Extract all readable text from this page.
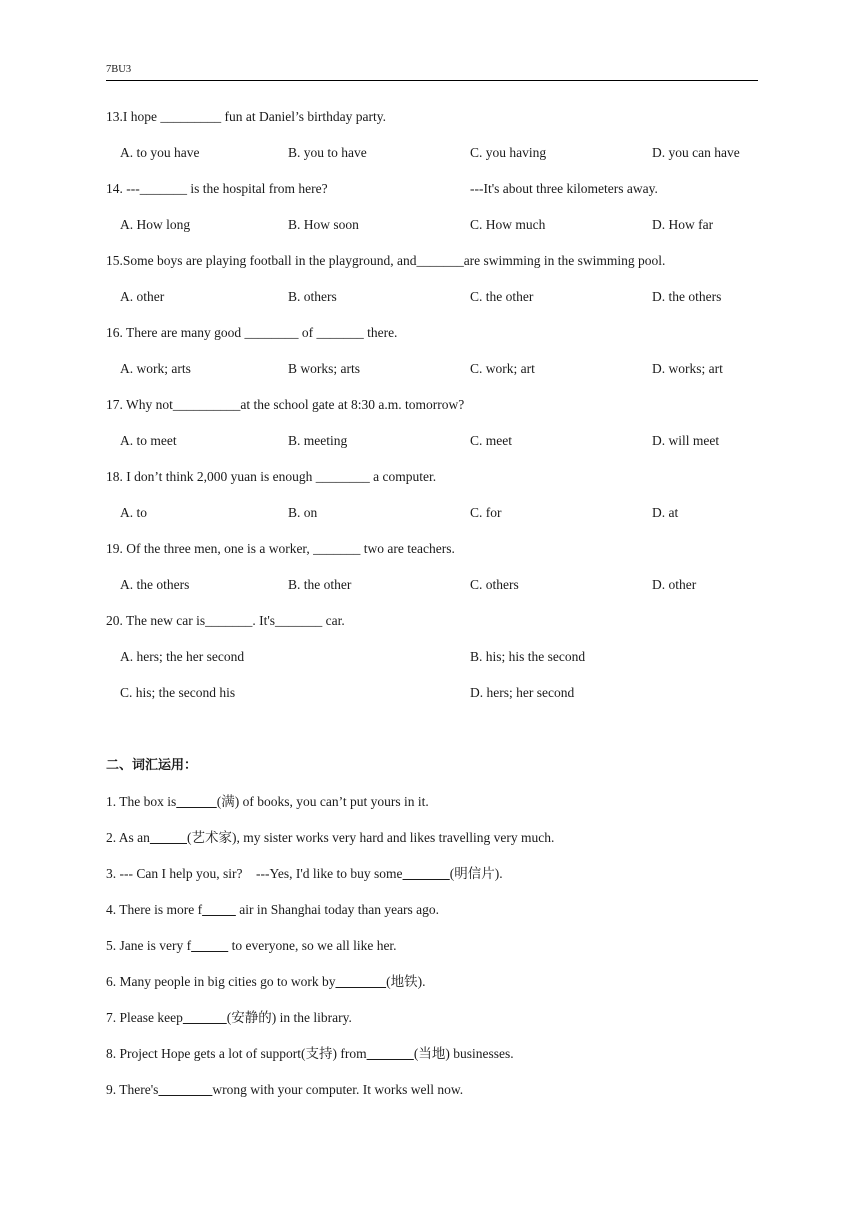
7BU3
13.I hope _________ fun at Daniel’s birthday party.
A. to you have	B. you to have	C. you having	D. you can have
14. ---_______ is the hospital from here?	---It's about three kilometers away.
A. How long	B. How soon	C. How much	D. How far
15.Some boys are playing football in the playground, and_______are swimming in the swimming pool.
A. other	B. others	C. the other	D. the others
16. There are many good ________ of _______ there.
A. work; arts	B works; arts	C. work; art	D. works; art
17. Why not__________at the school gate at 8:30 a.m. tomorrow?
A. to meet	B. meeting	C. meet	D. will meet
18. I don’t think 2,000 yuan is enough ________ a computer.
A. to	B. on	C. for	D. at
19. Of the three men, one is a worker, _______ two are teachers.
A. the others	B. the other	C. others	D. other
20. The new car is_______. It's_______ car.
A. hers; the her second	B. his; his the second
C. his; the second his	D. hers; her second
二、词汇运用：
1. The box is	(满) of books, you can’t put yours in it.
2. As an	(艺术家), my sister works very hard and likes travelling very much.
3. --- Can I help you, sir?    ---Yes, I'd like to buy some	(明信片).
4. There is more f	air in Shanghai today than years ago.
5. Jane is very f	to everyone, so we all like her.
6. Many people in big cities go to work by	(地铁).
7. Please keep	(安静的) in the library.
8. Project Hope gets a lot of support(支持) from	(当地) businesses.
9. There's	wrong with your computer. It works well now.
